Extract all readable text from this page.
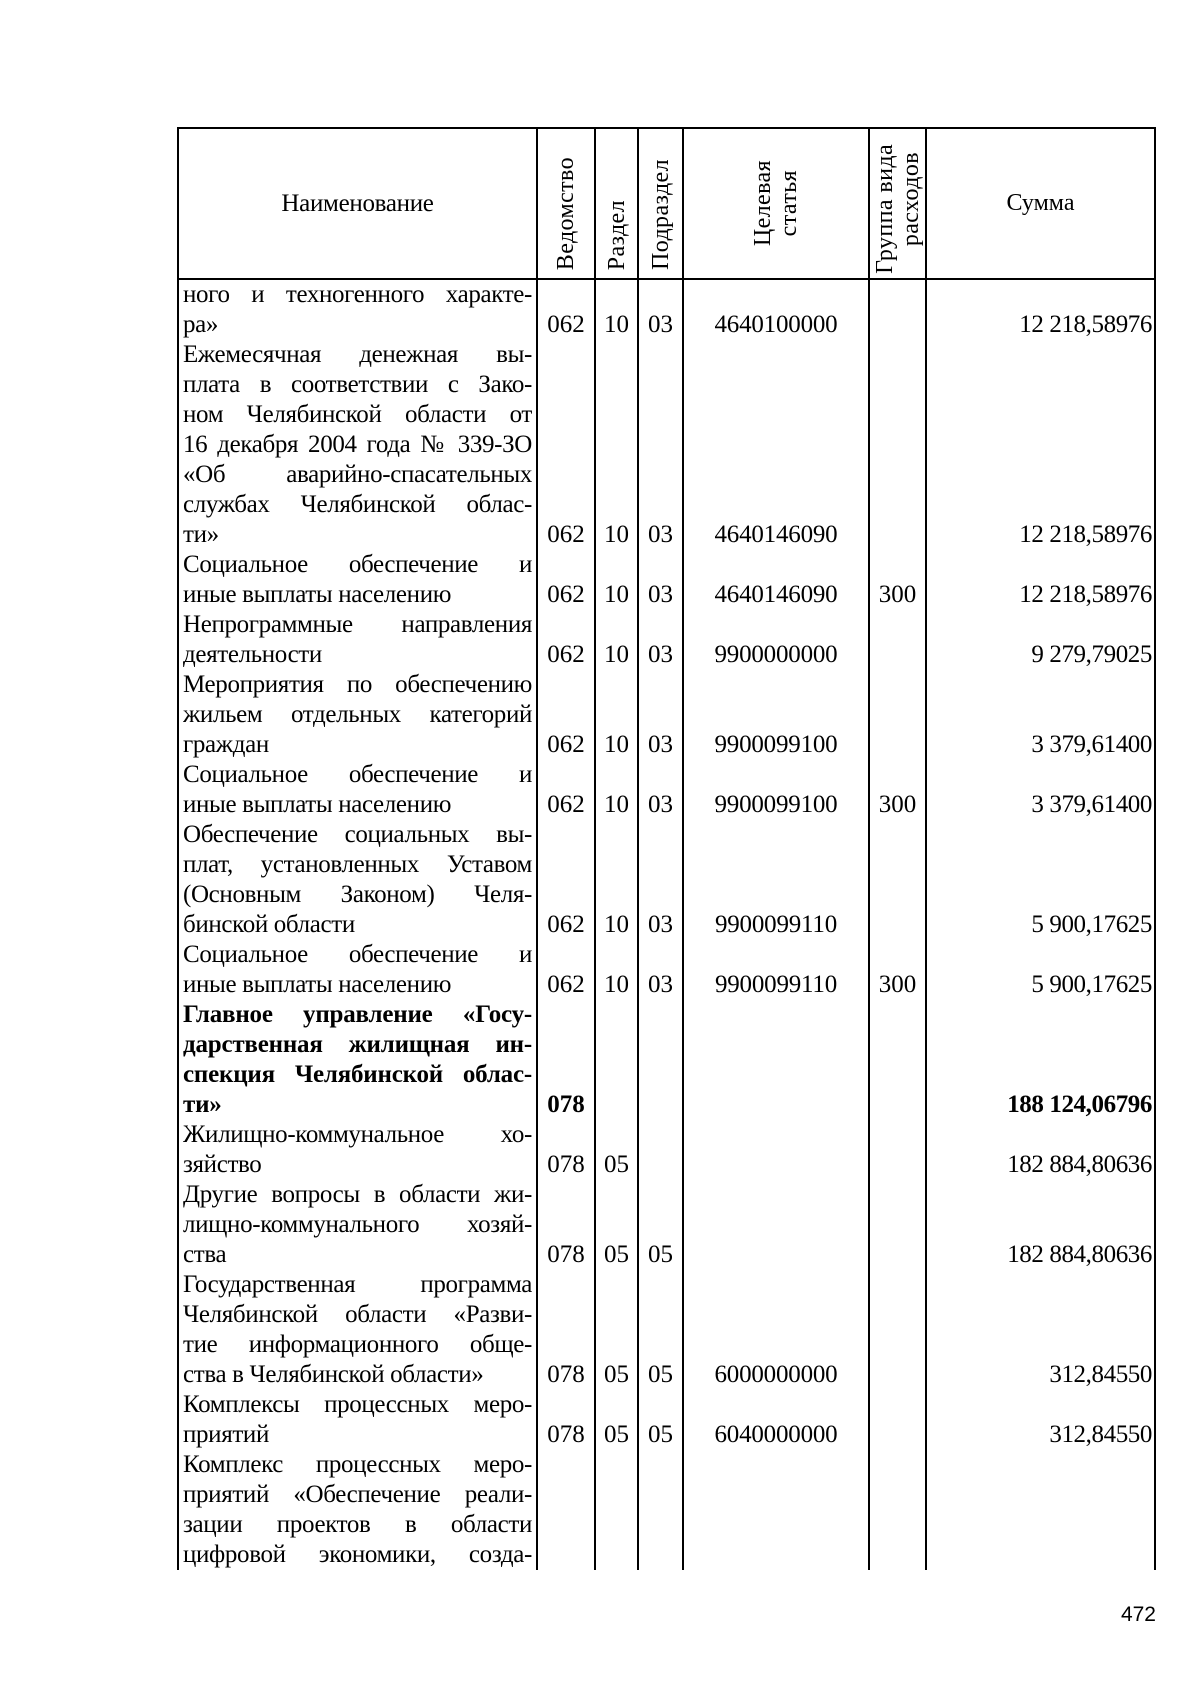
Наименование	Ведомство	Раздел	Подраздел	Целевая статья	Группа вида расходов	Сумма

ного и техногенного характе-
ра»	062	10	03	4640100000		12 218,58976

Ежемесячная денежная вы-
плата в соответствии с Зако-
ном Челябинской области от
16 декабря 2004 года № 339-ЗО
«Об аварийно-спасательных
службах Челябинской облас-
ти»	062	10	03	4640146090		12 218,58976

Социальное обеспечение и
иные выплаты населению	062	10	03	4640146090	300	12 218,58976

Непрограммные направления
деятельности	062	10	03	9900000000		9 279,79025

Мероприятия по обеспечению
жильем отдельных категорий
граждан	062	10	03	9900099100		3 379,61400

Социальное обеспечение и
иные выплаты населению	062	10	03	9900099100	300	3 379,61400

Обеспечение социальных вы-
плат, установленных Уставом
(Основным Законом) Челя-
бинской области	062	10	03	9900099110		5 900,17625

Социальное обеспечение и
иные выплаты населению	062	10	03	9900099110	300	5 900,17625

Главное управление «Госу-
дарственная жилищная ин-
спекция Челябинской облас-
ти»	078					188 124,06796

Жилищно-коммунальное хо-
зяйство	078	05				182 884,80636

Другие вопросы в области жи-
лищно-коммунального хозяй-
ства	078	05	05			182 884,80636

Государственная программа
Челябинской области «Разви-
тие информационного обще-
ства в Челябинской области»	078	05	05	6000000000		312,84550

Комплексы процессных меро-
приятий	078	05	05	6040000000		312,84550

Комплекс процессных меро-
приятий «Обеспечение реали-
зации проектов в области
цифровой экономики, созда-						

472
